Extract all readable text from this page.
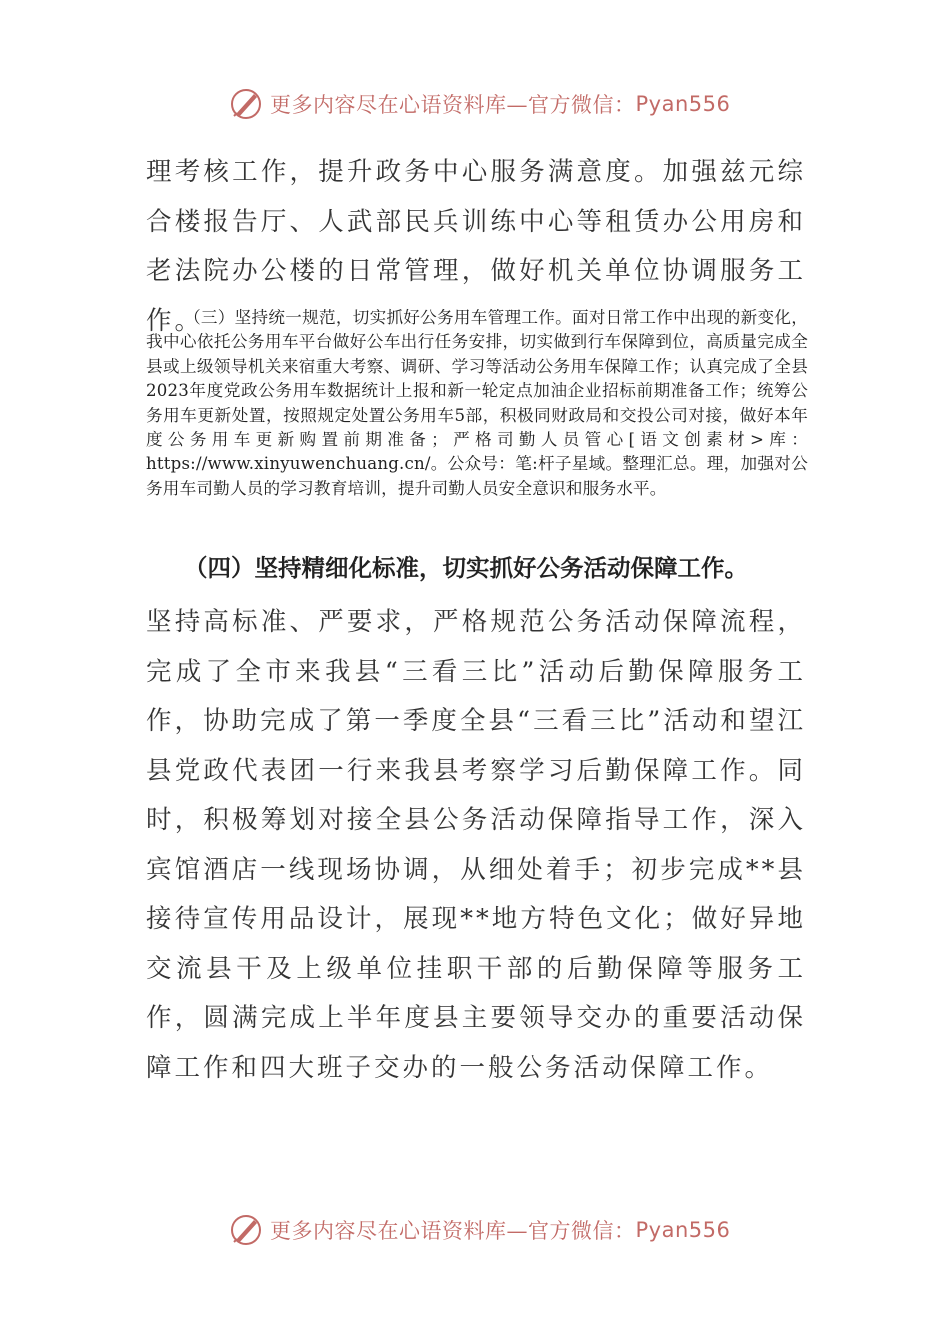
更多内容尽在心语资料库—官方微信： Pyan556

理考核工作，提升政务中心服务满意度。加强兹元综合楼报告厅、人武部民兵训练中心等租赁办公用房和老法院办公楼的日常管理，做好机关单位协调服务工作。

（三）坚持统一规范，切实抓好公务用车管理工作。面对日常工作中出现的新变化，我中心依托公务用车平台做好公车出行任务安排，切实做到行车保障到位，高质量完成全县或上级领导机关来宿重大考察、调研、学习等活动公务用车保障工作；认真完成了全县2023年度党政公务用车数据统计上报和新一轮定点加油企业招标前期准备工作；统筹公务用车更新处置，按照规定处置公务用车5部，积极同财政局和交投公司对接，做好本年度公务用车更新购置前期准备；严格司勤人员管心[语文创素材>库：https://www.xinyuwenchuang.cn/。公众号：笔:杆子星域。整理汇总。理，加强对公务用车司勤人员的学习教育培训，提升司勤人员安全意识和服务水平。

（四）坚持精细化标准，切实抓好公务活动保障工作。

坚持高标准、严要求，严格规范公务活动保障流程，完成了全市来我县“三看三比”活动后勤保障服务工作，协助完成了第一季度全县“三看三比”活动和望江县党政代表团一行来我县考察学习后勤保障工作。同时，积极筹划对接全县公务活动保障指导工作，深入宾馆酒店一线现场协调，从细处着手；初步完成**县接待宣传用品设计，展现**地方特色文化；做好异地交流县干及上级单位挂职干部的后勤保障等服务工作，圆满完成上半年度县主要领导交办的重要活动保障工作和四大班子交办的一般公务活动保障工作。

更多内容尽在心语资料库—官方微信： Pyan556
